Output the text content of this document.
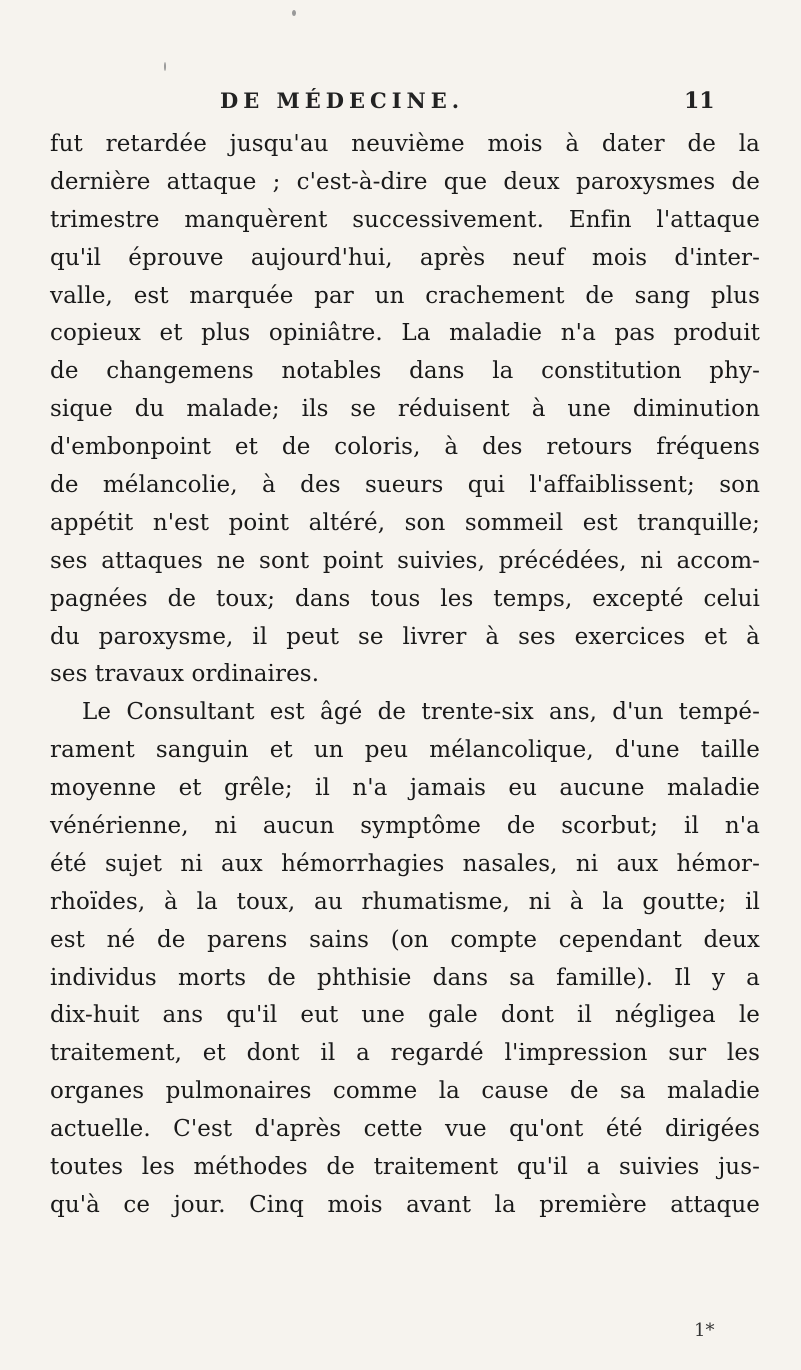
DE MÉDECINE.	11
fut retardée jusqu'au neuvième mois à dater de la
dernière attaque ; c'est-à-dire que deux paroxysmes de
trimestre manquèrent successivement. Enfin l'attaque
qu'il éprouve aujourd'hui, après neuf mois d'inter-
valle, est marquée par un crachement de sang plus
copieux et plus opiniâtre. La maladie n'a pas produit
de changemens notables dans la constitution phy-
sique du malade; ils se réduisent à une diminution
d'embonpoint et de coloris, à des retours fréquens
de mélancolie, à des sueurs qui l'affaiblissent; son
appétit n'est point altéré, son sommeil est tranquille;
ses attaques ne sont point suivies, précédées, ni accom-
pagnées de toux; dans tous les temps, excepté celui
du paroxysme, il peut se livrer à ses exercices et à
ses travaux ordinaires.
Le Consultant est âgé de trente-six ans, d'un tempé-
rament sanguin et un peu mélancolique, d'une taille
moyenne et grêle; il n'a jamais eu aucune maladie
vénérienne, ni aucun symptôme de scorbut; il n'a
été sujet ni aux hémorrhagies nasales, ni aux hémor-
rhoïdes, à la toux, au rhumatisme, ni à la goutte; il
est né de parens sains (on compte cependant deux
individus morts de phthisie dans sa famille). Il y a
dix-huit ans qu'il eut une gale dont il négligea le
traitement, et dont il a regardé l'impression sur les
organes pulmonaires comme la cause de sa maladie
actuelle. C'est d'après cette vue qu'ont été dirigées
toutes les méthodes de traitement qu'il a suivies jus-
qu'à ce jour. Cinq mois avant la première attaque
1*
